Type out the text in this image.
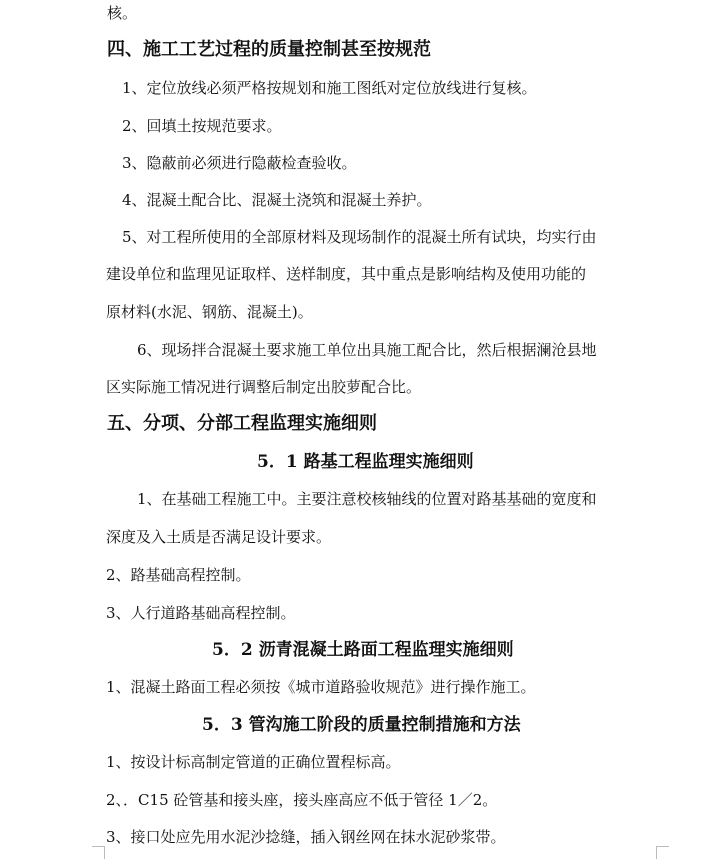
核。
四、施工工艺过程的质量控制甚至按规范
1、定位放线必须严格按规划和施工图纸对定位放线进行复核。
2、回填土按规范要求。
3、隐蔽前必须进行隐蔽检查验收。
4、混凝土配合比、混凝土浇筑和混凝土养护。
5、对工程所使用的全部原材料及现场制作的混凝土所有试块，均实行由
建设单位和监理见证取样、送样制度，其中重点是影响结构及使用功能的
原材料(水泥、钢筋、混凝土)。
6、现场拌合混凝土要求施工单位出具施工配合比，然后根据澜沧县地
区实际施工情况进行调整后制定出胶萝配合比。
五、分项、分部工程监理实施细则
5．1 路基工程监理实施细则
1、在基础工程施工中。主要注意校核轴线的位置对路基基础的宽度和
深度及入土质是否满足设计要求。
2、路基础高程控制。
3、人行道路基础高程控制。
5．2 沥青混凝土路面工程监理实施细则
1、混凝土路面工程必须按《城市道路验收规范》进行操作施工。
5．3 管沟施工阶段的质量控制措施和方法
1、按设计标高制定管道的正确位置程标高。
2、．C15 砼管基和接头座，接头座高应不低于管径 1／2。
3、接口处应先用水泥沙捻缝，插入钢丝网在抹水泥砂浆带。
